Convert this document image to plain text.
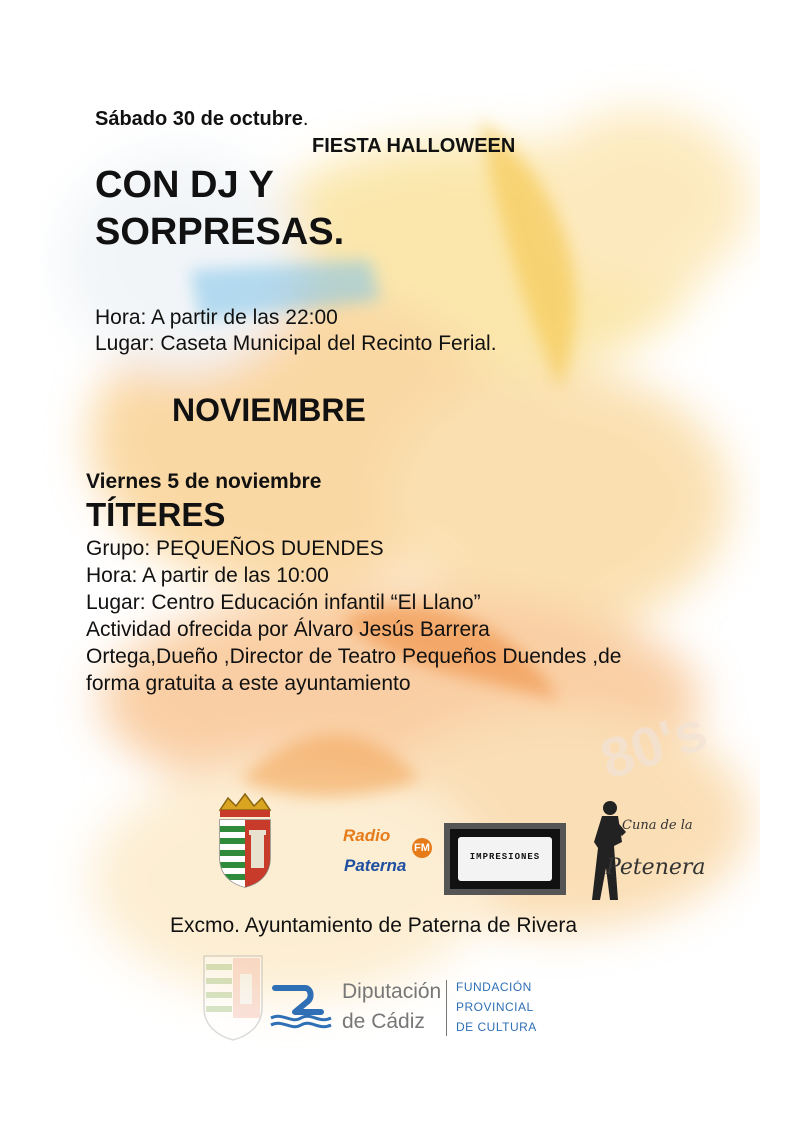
80's
Sábado 30 de octubre.
FIESTA HALLOWEEN
CON DJ Y
SORPRESAS.
Hora: A partir de las 22:00
Lugar: Caseta Municipal del Recinto Ferial.
NOVIEMBRE
Viernes 5 de noviembre
TÍTERES
Grupo: PEQUEÑOS DUENDES
Hora: A partir de las 10:00
Lugar: Centro Educación infantil “El Llano”
Actividad ofrecida por Álvaro Jesús Barrera
Ortega,Dueño ,Director de Teatro Pequeños Duendes ,de
forma gratuita a este ayuntamiento
Radio
Paterna
FM
IMPRESIONES
Cuna de la
Petenera
Excmo. Ayuntamiento de Paterna de Rivera
Diputación
de Cádiz
FUNDACIÓN
PROVINCIAL
DE CULTURA
